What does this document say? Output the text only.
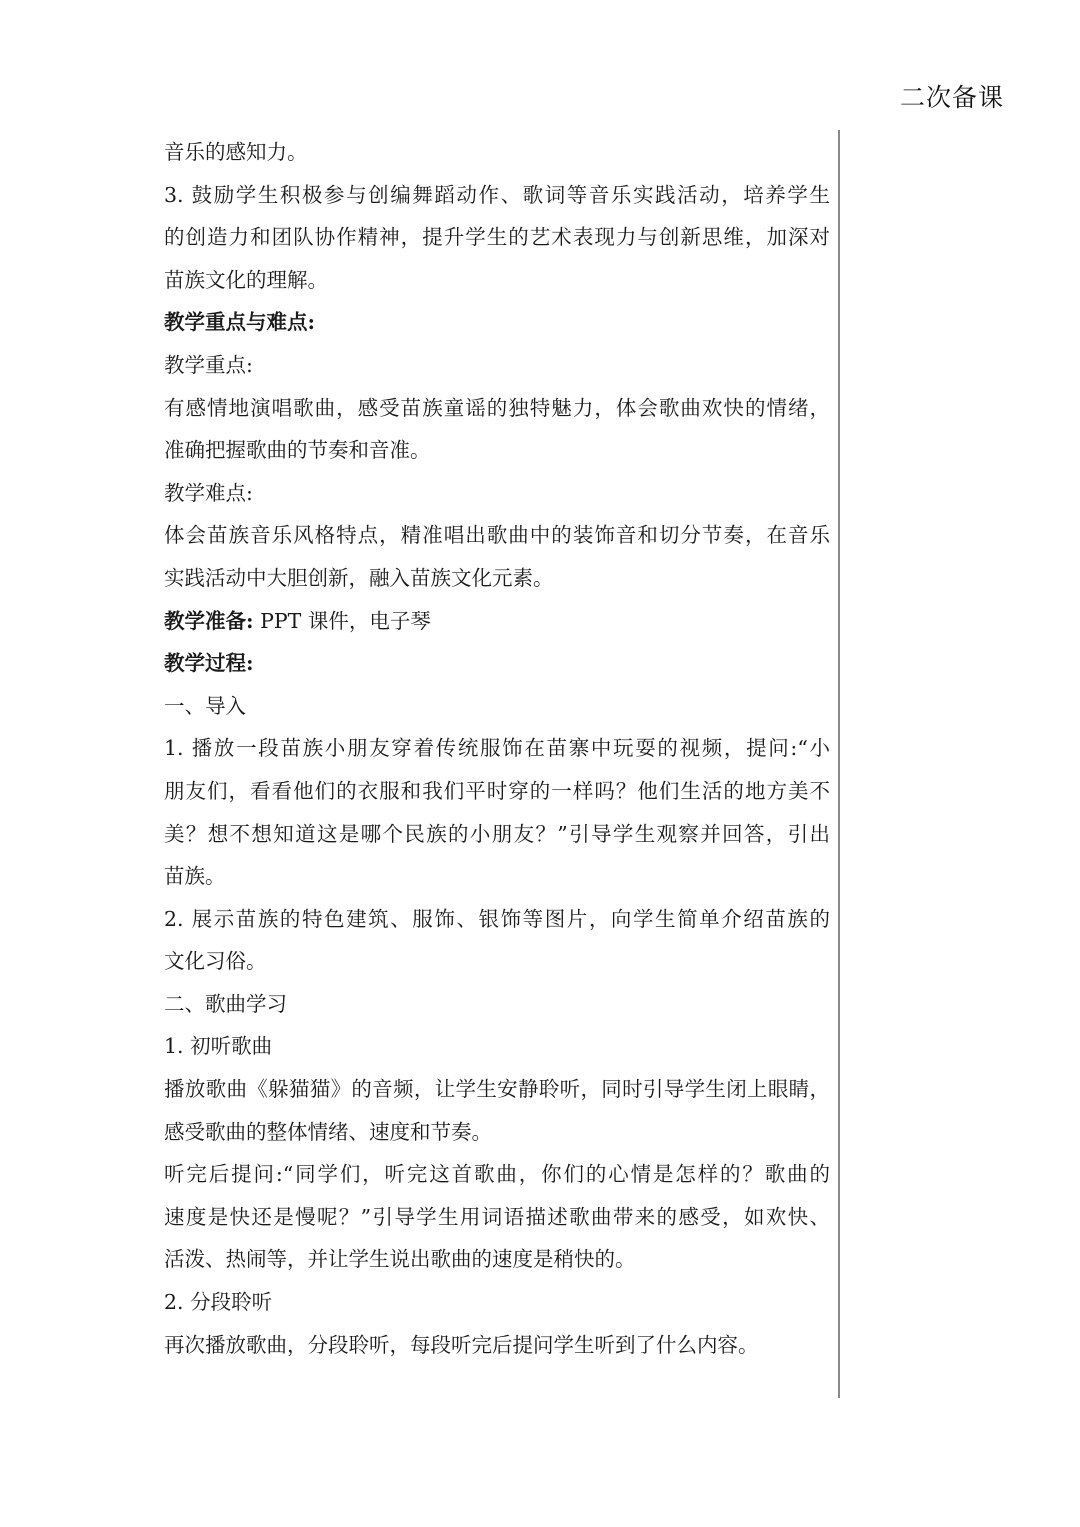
二次备课
音乐的感知力。
3. 鼓励学生积极参与创编舞蹈动作、歌词等音乐实践活动，培养学生
的创造力和团队协作精神，提升学生的艺术表现力与创新思维，加深对
苗族文化的理解。
教学重点与难点:
教学重点:
有感情地演唱歌曲，感受苗族童谣的独特魅力，体会歌曲欢快的情绪，
准确把握歌曲的节奏和音准。
教学难点:
体会苗族音乐风格特点，精准唱出歌曲中的装饰音和切分节奏，在音乐
实践活动中大胆创新，融入苗族文化元素。
教学准备: PPT 课件，电子琴
教学过程:
一、导入
1. 播放一段苗族小朋友穿着传统服饰在苗寨中玩耍的视频，提问:“小
朋友们，看看他们的衣服和我们平时穿的一样吗？他们生活的地方美不
美？想不想知道这是哪个民族的小朋友？”引导学生观察并回答，引出
苗族。
2. 展示苗族的特色建筑、服饰、银饰等图片，向学生简单介绍苗族的
文化习俗。
二、歌曲学习
1. 初听歌曲
播放歌曲《躲猫猫》的音频，让学生安静聆听，同时引导学生闭上眼睛，
感受歌曲的整体情绪、速度和节奏。
听完后提问:“同学们，听完这首歌曲，你们的心情是怎样的？歌曲的
速度是快还是慢呢？”引导学生用词语描述歌曲带来的感受，如欢快、
活泼、热闹等，并让学生说出歌曲的速度是稍快的。
2. 分段聆听
再次播放歌曲，分段聆听，每段听完后提问学生听到了什么内容。
